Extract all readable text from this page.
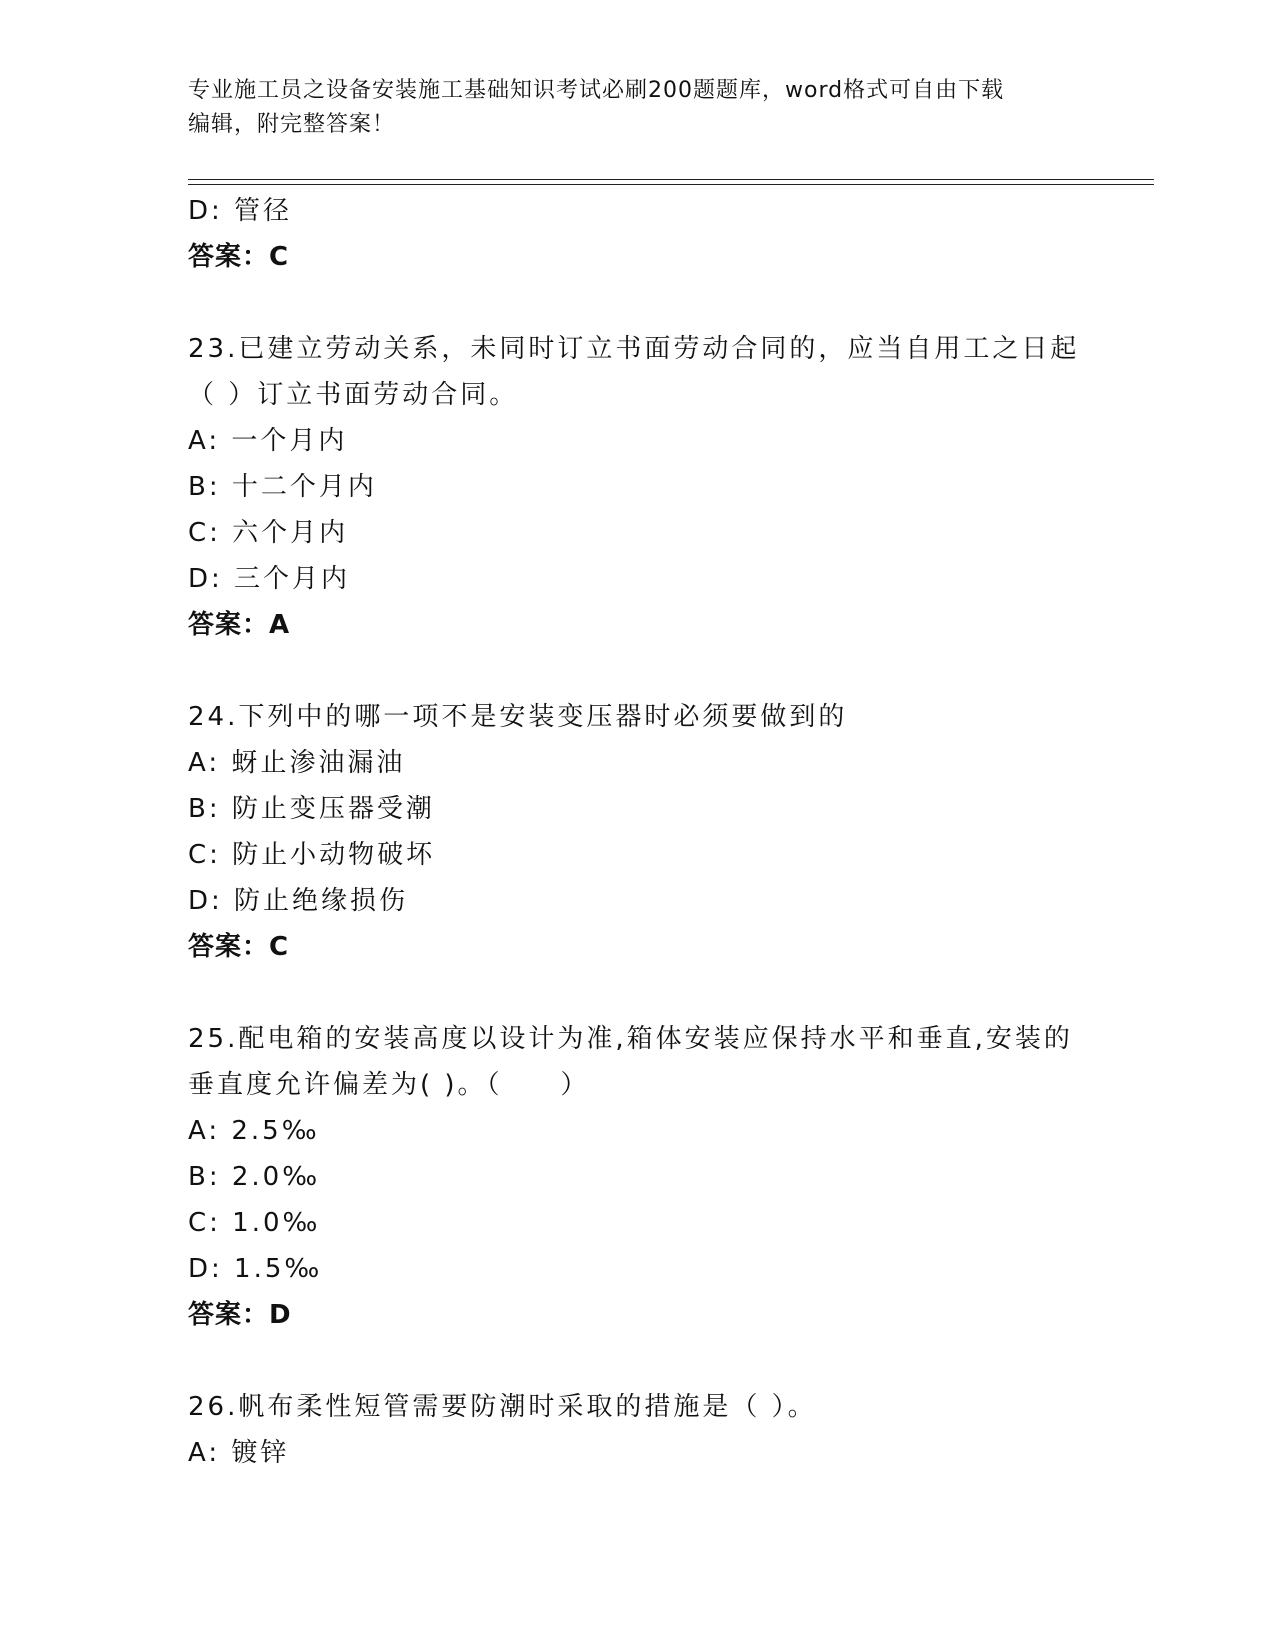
专业施工员之设备安装施工基础知识考试必刷200题题库，word格式可自由下载
编辑，附完整答案！
D: 管径
答案：C
23.已建立劳动关系，未同时订立书面劳动合同的，应当自用工之日起
（ ）订立书面劳动合同。
A: 一个月内
B: 十二个月内
C: 六个月内
D: 三个月内
答案：A
24.下列中的哪一项不是安装变压器时必须要做到的
A: 蚜止渗油漏油
B: 防止变压器受潮
C: 防止小动物破坏
D: 防止绝缘损伤
答案：C
25.配电箱的安装高度以设计为准,箱体安装应保持水平和垂直,安装的
垂直度允许偏差为( )。（　　）
A: 2.5‰
B: 2.0‰
C: 1.0‰
D: 1.5‰
答案：D
26.帆布柔性短管需要防潮时采取的措施是（ ）。
A: 镀锌
